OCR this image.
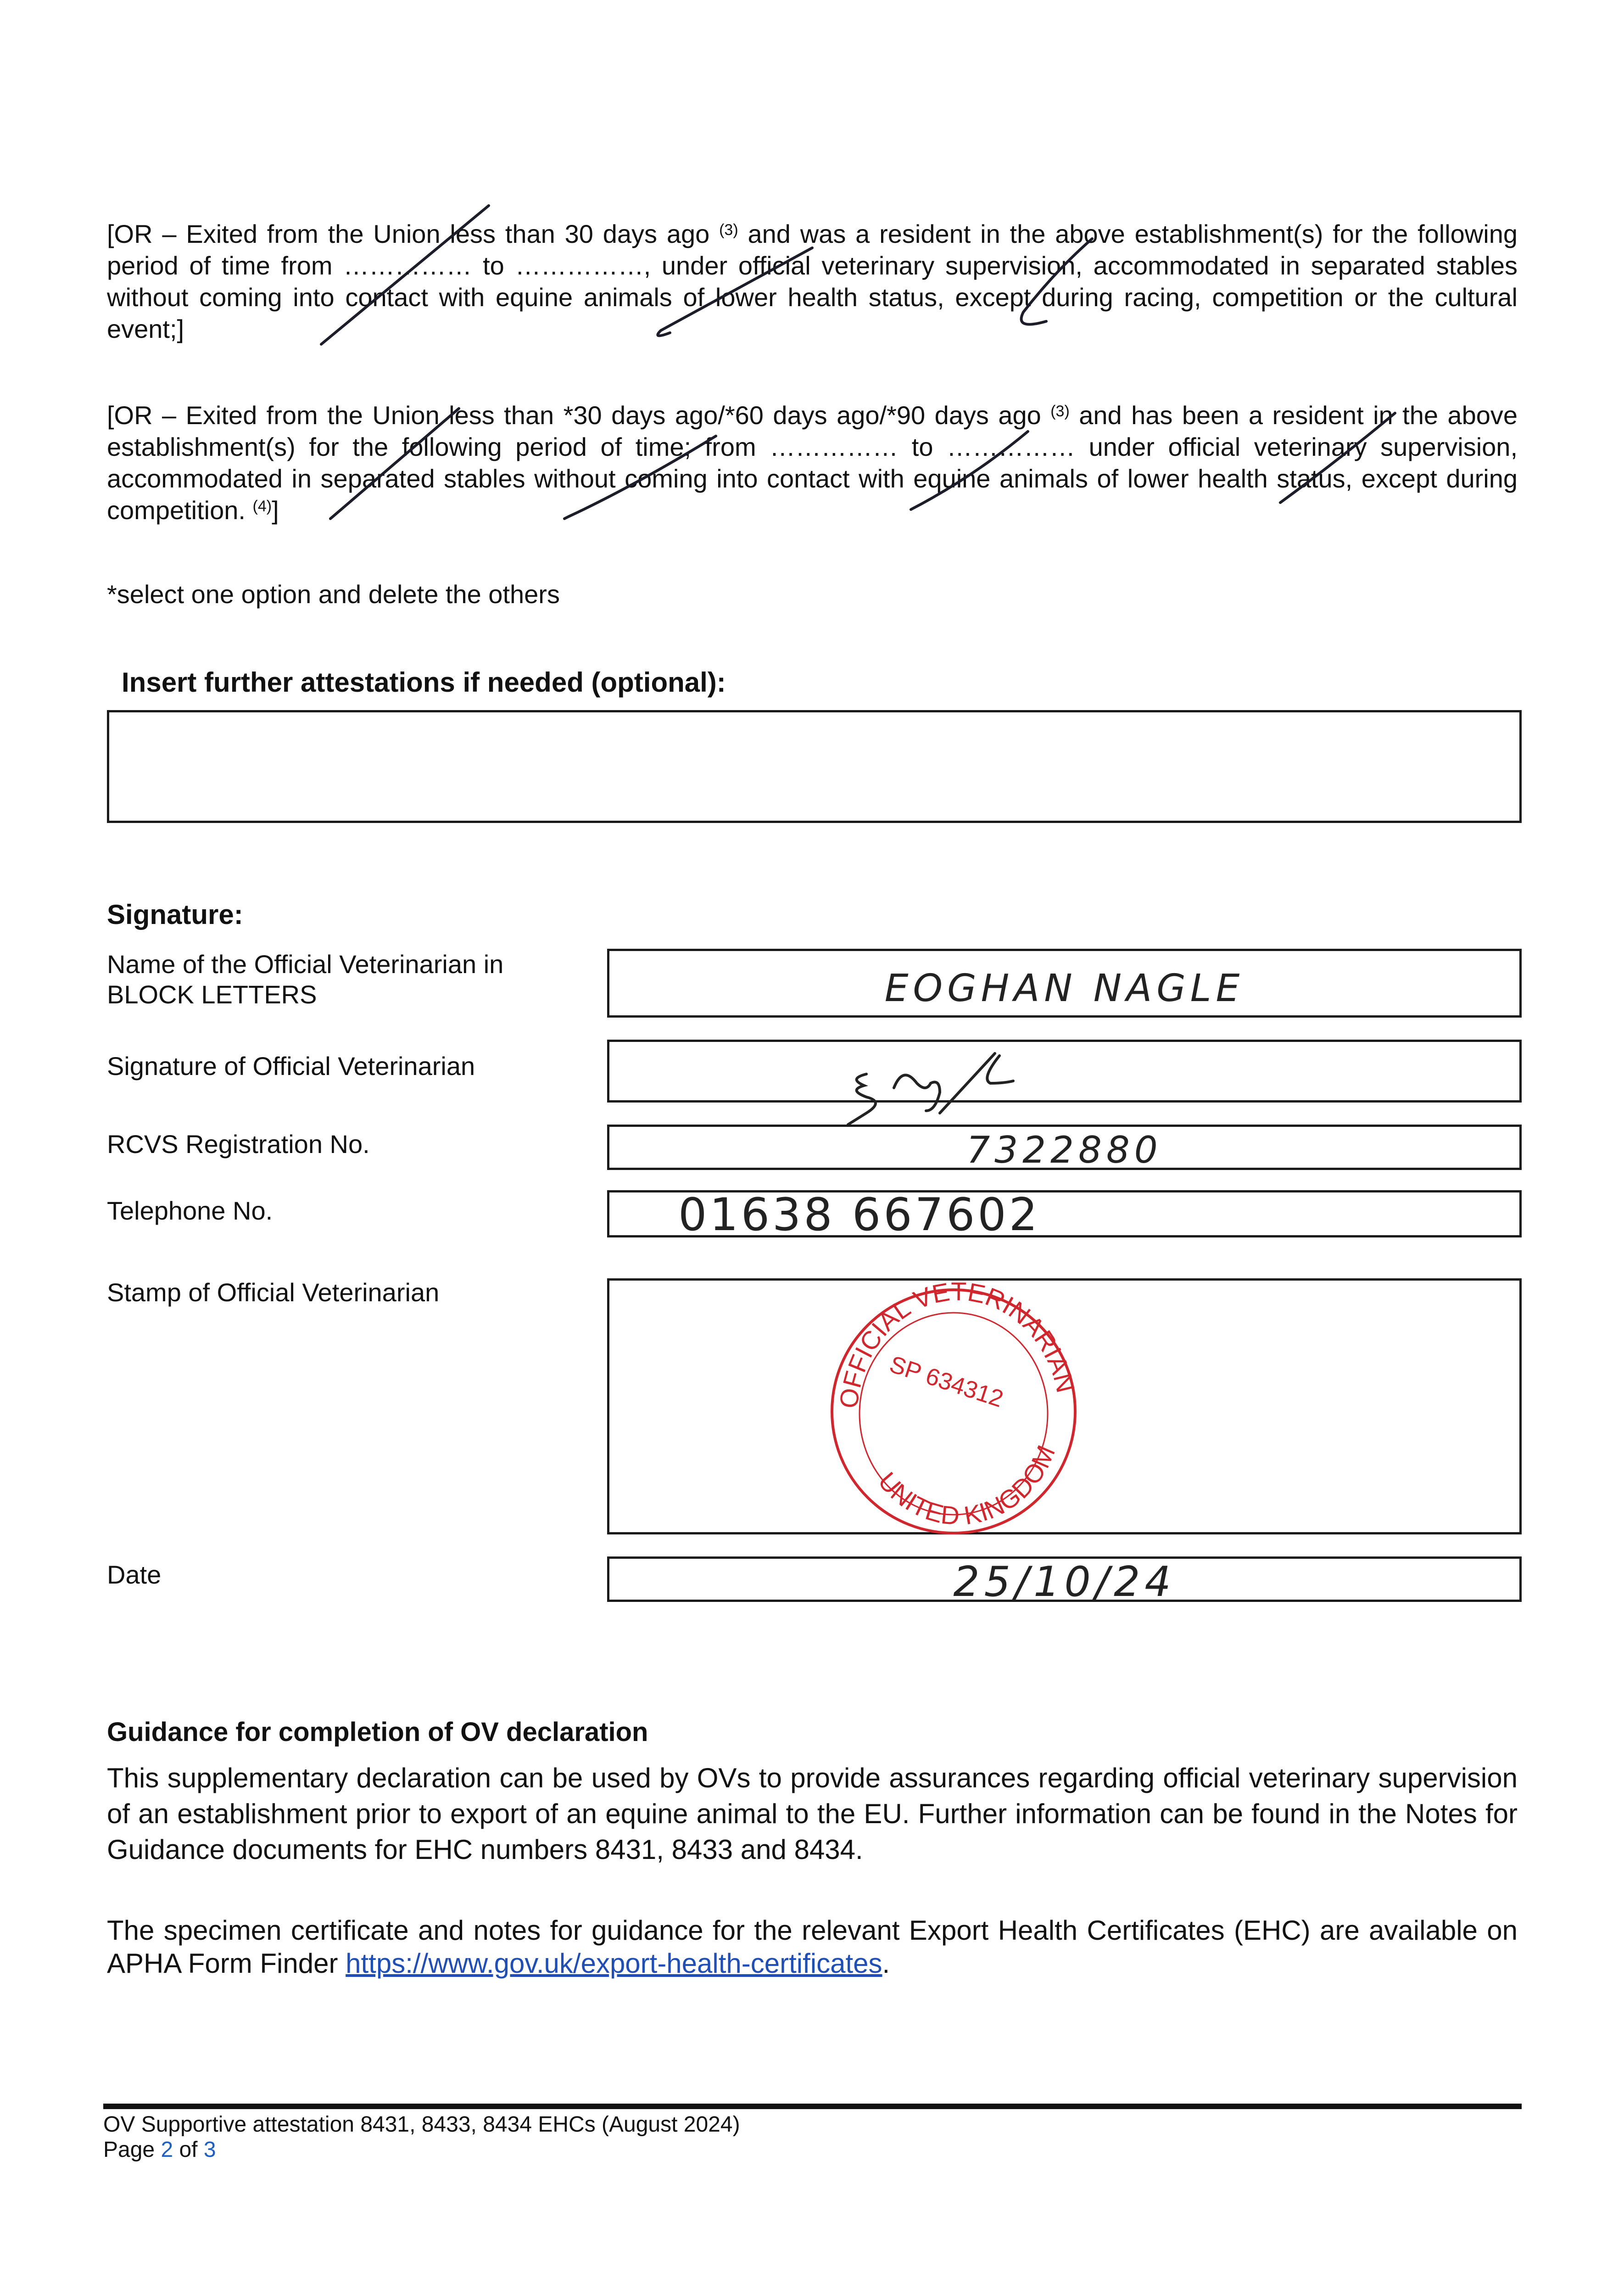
[OR – Exited from the Union less than 30 days ago $^{(3)}$ and was a resident in the above establishment(s) for the following period of time from …………… to ……………, under official veterinary supervision, accommodated in separated stables without coming into contact with equine animals of lower health status, except during racing, competition or the cultural event;]
[OR – Exited from the Union less than *30 days ago/*60 days ago/*90 days ago $^{(3)}$ and has been a resident in the above establishment(s) for the following period of time; from …………… to …………… under official veterinary supervision, accommodated in separated stables without coming into contact with equine animals of lower health status, except during competition. $^{(4)}$]
*select one option and delete the others
Insert further attestations if needed (optional):
Signature:
Name of the Official Veterinarian in BLOCK LETTERS	EOGHAN NAGLE
Signature of Official Veterinarian
RCVS Registration No.	7322880
Telephone No.	01638 667602
Stamp of Official Veterinarian
OFFICIAL VETERINARIAN
UNITED KINGDOM
SP 634312
Date	25/10/24
Guidance for completion of OV declaration
This supplementary declaration can be used by OVs to provide assurances regarding official veterinary supervision of an establishment prior to export of an equine animal to the EU. Further information can be found in the Notes for Guidance documents for EHC numbers 8431, 8433 and 8434.
The specimen certificate and notes for guidance for the relevant Export Health Certificates (EHC) are available on APHA Form Finder https://www.gov.uk/export-health-certificates.
OV Supportive attestation 8431, 8433, 8434 EHCs (August 2024)
Page 2 of 3
